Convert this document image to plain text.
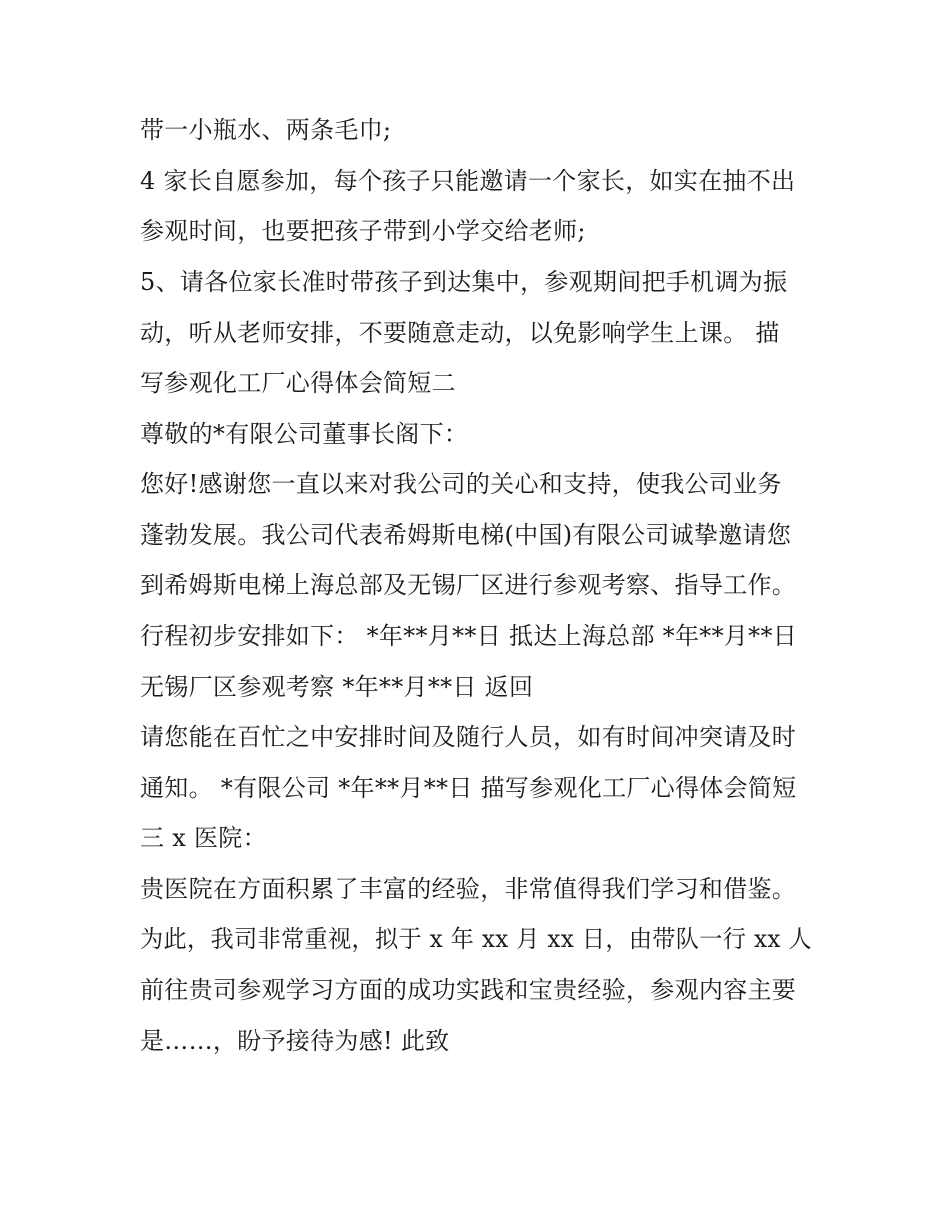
带一小瓶水、两条毛巾;
4 家长自愿参加，每个孩子只能邀请一个家长，如实在抽不出
参观时间，也要把孩子带到小学交给老师;
5、请各位家长准时带孩子到达集中，参观期间把手机调为振
动，听从老师安排，不要随意走动，以免影响学生上课。 描
写参观化工厂心得体会简短二
尊敬的*有限公司董事长阁下：
您好!感谢您一直以来对我公司的关心和支持，使我公司业务
蓬勃发展。我公司代表希姆斯电梯(中国)有限公司诚挚邀请您
到希姆斯电梯上海总部及无锡厂区进行参观考察、指导工作。
行程初步安排如下： *年**月**日 抵达上海总部 *年**月**日
无锡厂区参观考察 *年**月**日 返回
请您能在百忙之中安排时间及随行人员，如有时间冲突请及时
通知。 *有限公司 *年**月**日 描写参观化工厂心得体会简短
三 x 医院：
贵医院在方面积累了丰富的经验，非常值得我们学习和借鉴。
为此，我司非常重视，拟于 x 年 xx 月 xx 日，由带队一行 xx 人
前往贵司参观学习方面的成功实践和宝贵经验，参观内容主要
是……，盼予接待为感! 此致
